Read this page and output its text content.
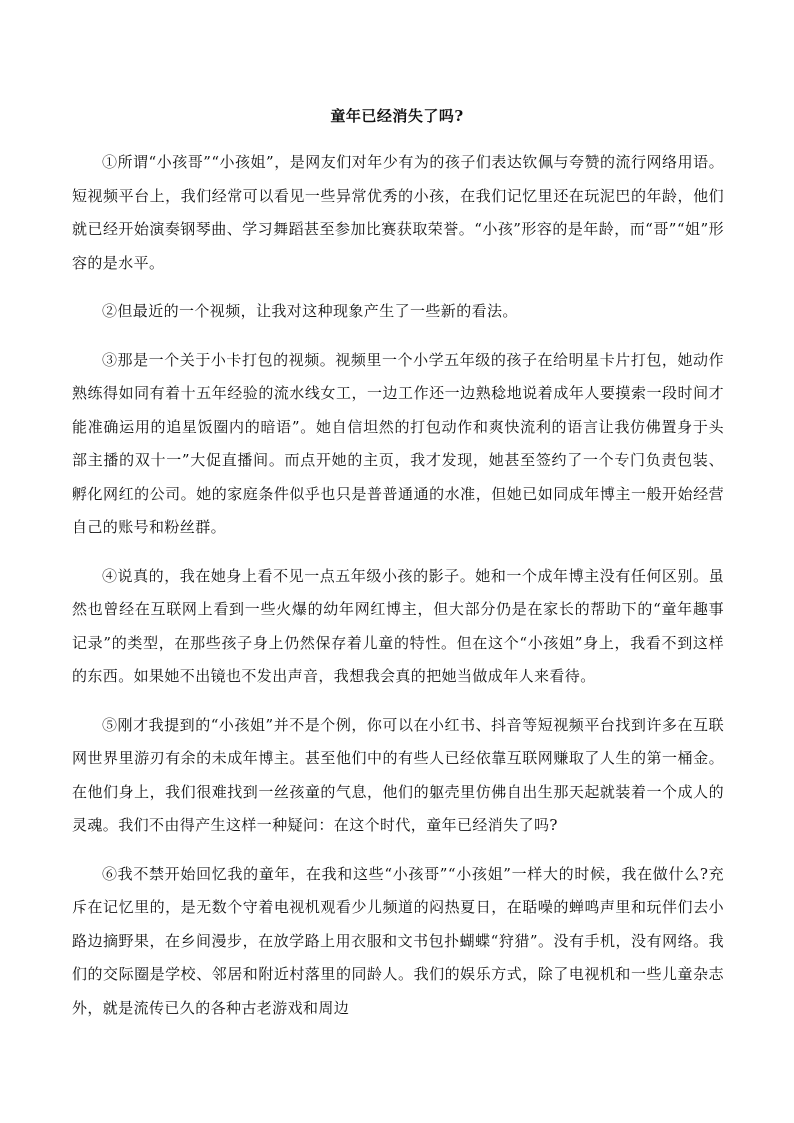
童年已经消失了吗?

①所谓“小孩哥”“小孩姐”，是网友们对年少有为的孩子们表达钦佩与夸赞的流行网络用语。短视频平台上，我们经常可以看见一些异常优秀的小孩，在我们记忆里还在玩泥巴的年龄，他们就已经开始演奏钢琴曲、学习舞蹈甚至参加比赛获取荣誉。“小孩”形容的是年龄，而“哥”“姐”形容的是水平。

②但最近的一个视频，让我对这种现象产生了一些新的看法。

③那是一个关于小卡打包的视频。视频里一个小学五年级的孩子在给明星卡片打包，她动作熟练得如同有着十五年经验的流水线女工，一边工作还一边熟稔地说着成年人要摸索一段时间才能准确运用的追星饭圈内的暗语”。她自信坦然的打包动作和爽快流利的语言让我仿佛置身于头部主播的双十一”大促直播间。而点开她的主页，我才发现，她甚至签约了一个专门负责包装、孵化网红的公司。她的家庭条件似乎也只是普普通通的水准，但她已如同成年博主一般开始经营自己的账号和粉丝群。

④说真的，我在她身上看不见一点五年级小孩的影子。她和一个成年博主没有任何区别。虽然也曾经在互联网上看到一些火爆的幼年网红博主，但大部分仍是在家长的帮助下的“童年趣事记录”的类型，在那些孩子身上仍然保存着儿童的特性。但在这个“小孩姐”身上，我看不到这样的东西。如果她不出镜也不发出声音，我想我会真的把她当做成年人来看待。

⑤刚才我提到的“小孩姐”并不是个例，你可以在小红书、抖音等短视频平台找到许多在互联网世界里游刃有余的未成年博主。甚至他们中的有些人已经依靠互联网赚取了人生的第一桶金。在他们身上，我们很难找到一丝孩童的气息，他们的躯壳里仿佛自出生那天起就装着一个成人的灵魂。我们不由得产生这样一种疑问：在这个时代，童年已经消失了吗?

⑥我不禁开始回忆我的童年，在我和这些“小孩哥”“小孩姐”一样大的时候，我在做什么?充斥在记忆里的，是无数个守着电视机观看少儿频道的闷热夏日，在聒噪的蝉鸣声里和玩伴们去小路边摘野果，在乡间漫步，在放学路上用衣服和文书包扑蝴蝶“狩猎”。没有手机，没有网络。我们的交际圈是学校、邻居和附近村落里的同龄人。我们的娱乐方式，除了电视机和一些儿童杂志外，就是流传已久的各种古老游戏和周边
